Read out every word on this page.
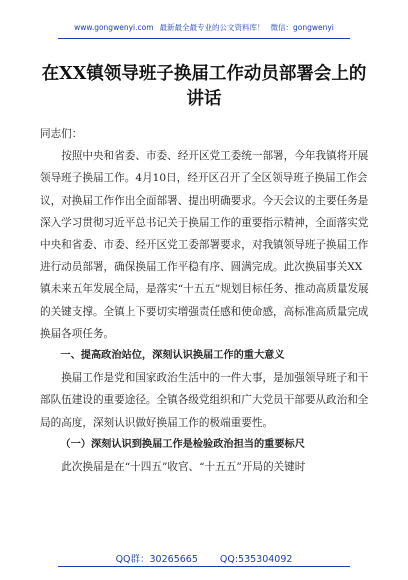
www.gongwenyi.com 最新最全最专业的公文资料库！ 微信：gongwenyi
在XX镇领导班子换届工作动员部署会上的讲话

同志们：

按照中央和省委、市委、经开区党工委统一部署，今年我镇将开展领导班子换届工作。4月10日，经开区召开了全区领导班子换届工作会议，对换届工作作出全面部署、提出明确要求。今天会议的主要任务是深入学习贯彻习近平总书记关于换届工作的重要指示精神，全面落实党中央和省委、市委、经开区党工委部署要求，对我镇领导班子换届工作进行动员部署，确保换届工作平稳有序、圆满完成。此次换届事关XX镇未来五年发展全局，是落实“十五五”规划目标任务、推动高质量发展的关键支撑。全镇上下要切实增强责任感和使命感，高标准高质量完成换届各项任务。

一、提高政治站位，深刻认识换届工作的重大意义

换届工作是党和国家政治生活中的一件大事，是加强领导班子和干部队伍建设的重要途径。全镇各级党组织和广大党员干部要从政治和全局的高度，深刻认识做好换届工作的极端重要性。

（一）深刻认识到换届工作是检验政治担当的重要标尺

此次换届是在“十四五”收官、“十五五”开局的关键时

QQ群：30265665 QQ:535304092
